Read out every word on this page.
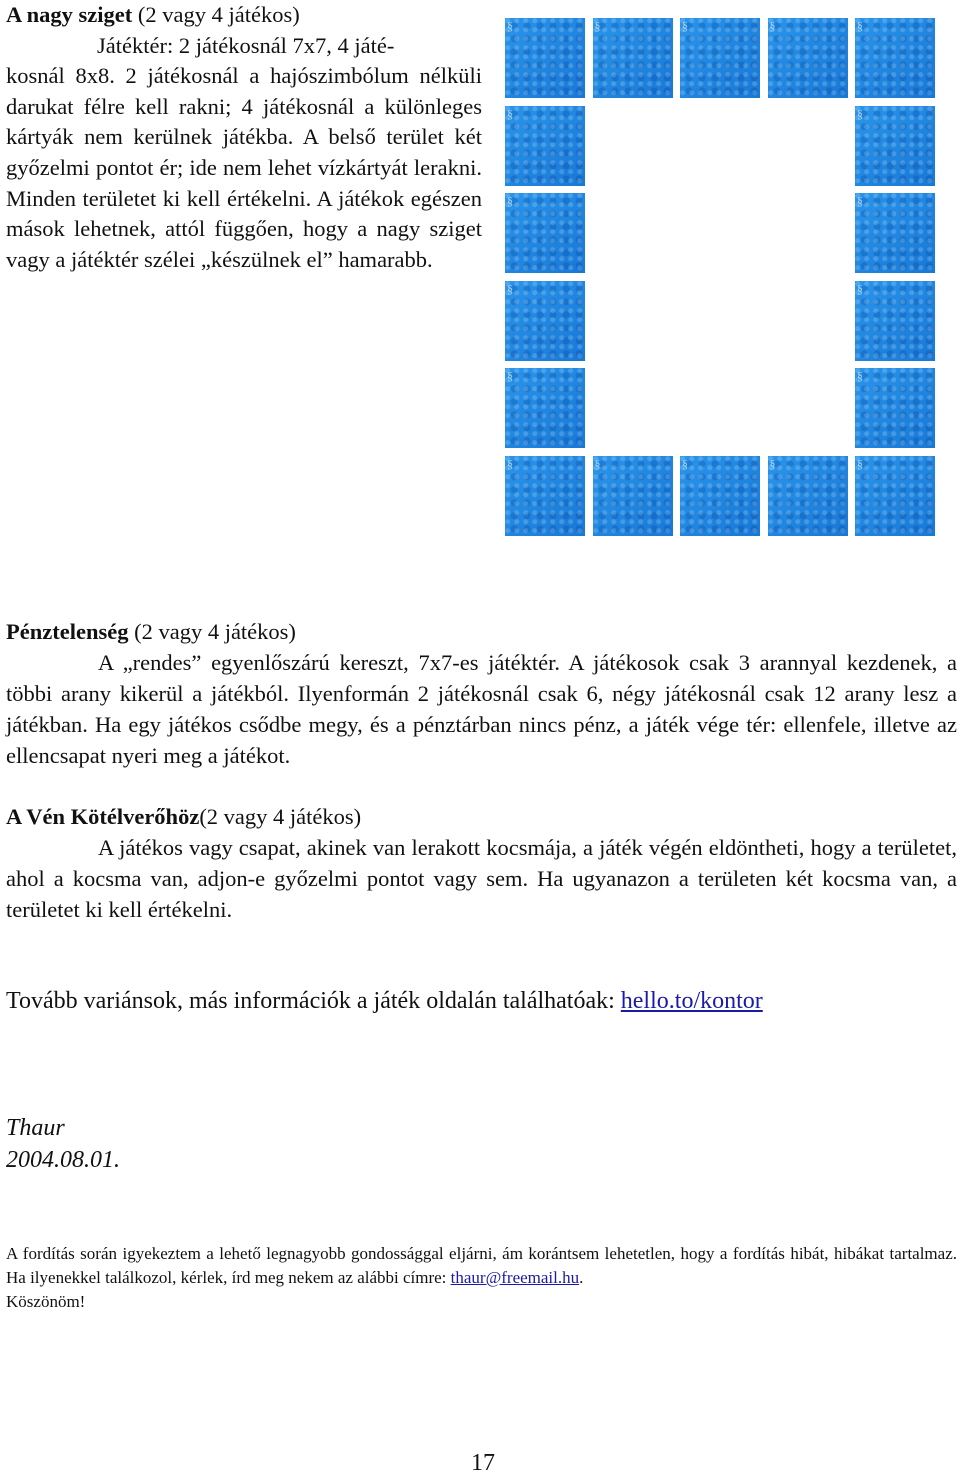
A nagy sziget (2 vagy 4 játékos)
Játéktér: 2 játékosnál 7x7, 4 játé-
kosnál 8x8. 2 játékosnál a hajószimbólum nélküli darukat félre kell rakni; 4 játékosnál a különleges kártyák nem kerülnek játékba. A belső terület két győzelmi pontot ér; ide nem lehet vízkártyát lerakni. Minden területet ki kell értékelni. A játékok egészen mások lehetnek, attól függően, hogy a nagy sziget vagy a játéktér szélei „készülnek el” hamarabb.
§	§	§	§	§
§	§
§	§
§	§
§	§
§	§	§	§	§
Pénztelenség (2 vagy 4 játékos)
A „rendes” egyenlőszárú kereszt, 7x7-es játéktér. A játékosok csak 3 arannyal kezdenek, a többi arany kikerül a játékból. Ilyenformán 2 játékosnál csak 6, négy játékosnál csak 12 arany lesz a játékban. Ha egy játékos csődbe megy, és a pénztárban nincs pénz, a játék vége tér: ellenfele, illetve az ellencsapat nyeri meg a játékot.
A Vén Kötélverőhöz(2 vagy 4 játékos)
A játékos vagy csapat, akinek van lerakott kocsmája, a játék végén eldöntheti, hogy a területet, ahol a kocsma van, adjon-e győzelmi pontot vagy sem. Ha ugyanazon a területen két kocsma van, a területet ki kell értékelni.
Tovább variánsok, más információk a játék oldalán találhatóak: hello.to/kontor
Thaur
2004.08.01.
A fordítás során igyekeztem a lehető legnagyobb gondossággal eljárni, ám korántsem lehetetlen, hogy a fordítás hibát, hibákat tartalmaz. Ha ilyenekkel találkozol, kérlek, írd meg nekem az alábbi címre: thaur@freemail.hu.
Köszönöm!
17
